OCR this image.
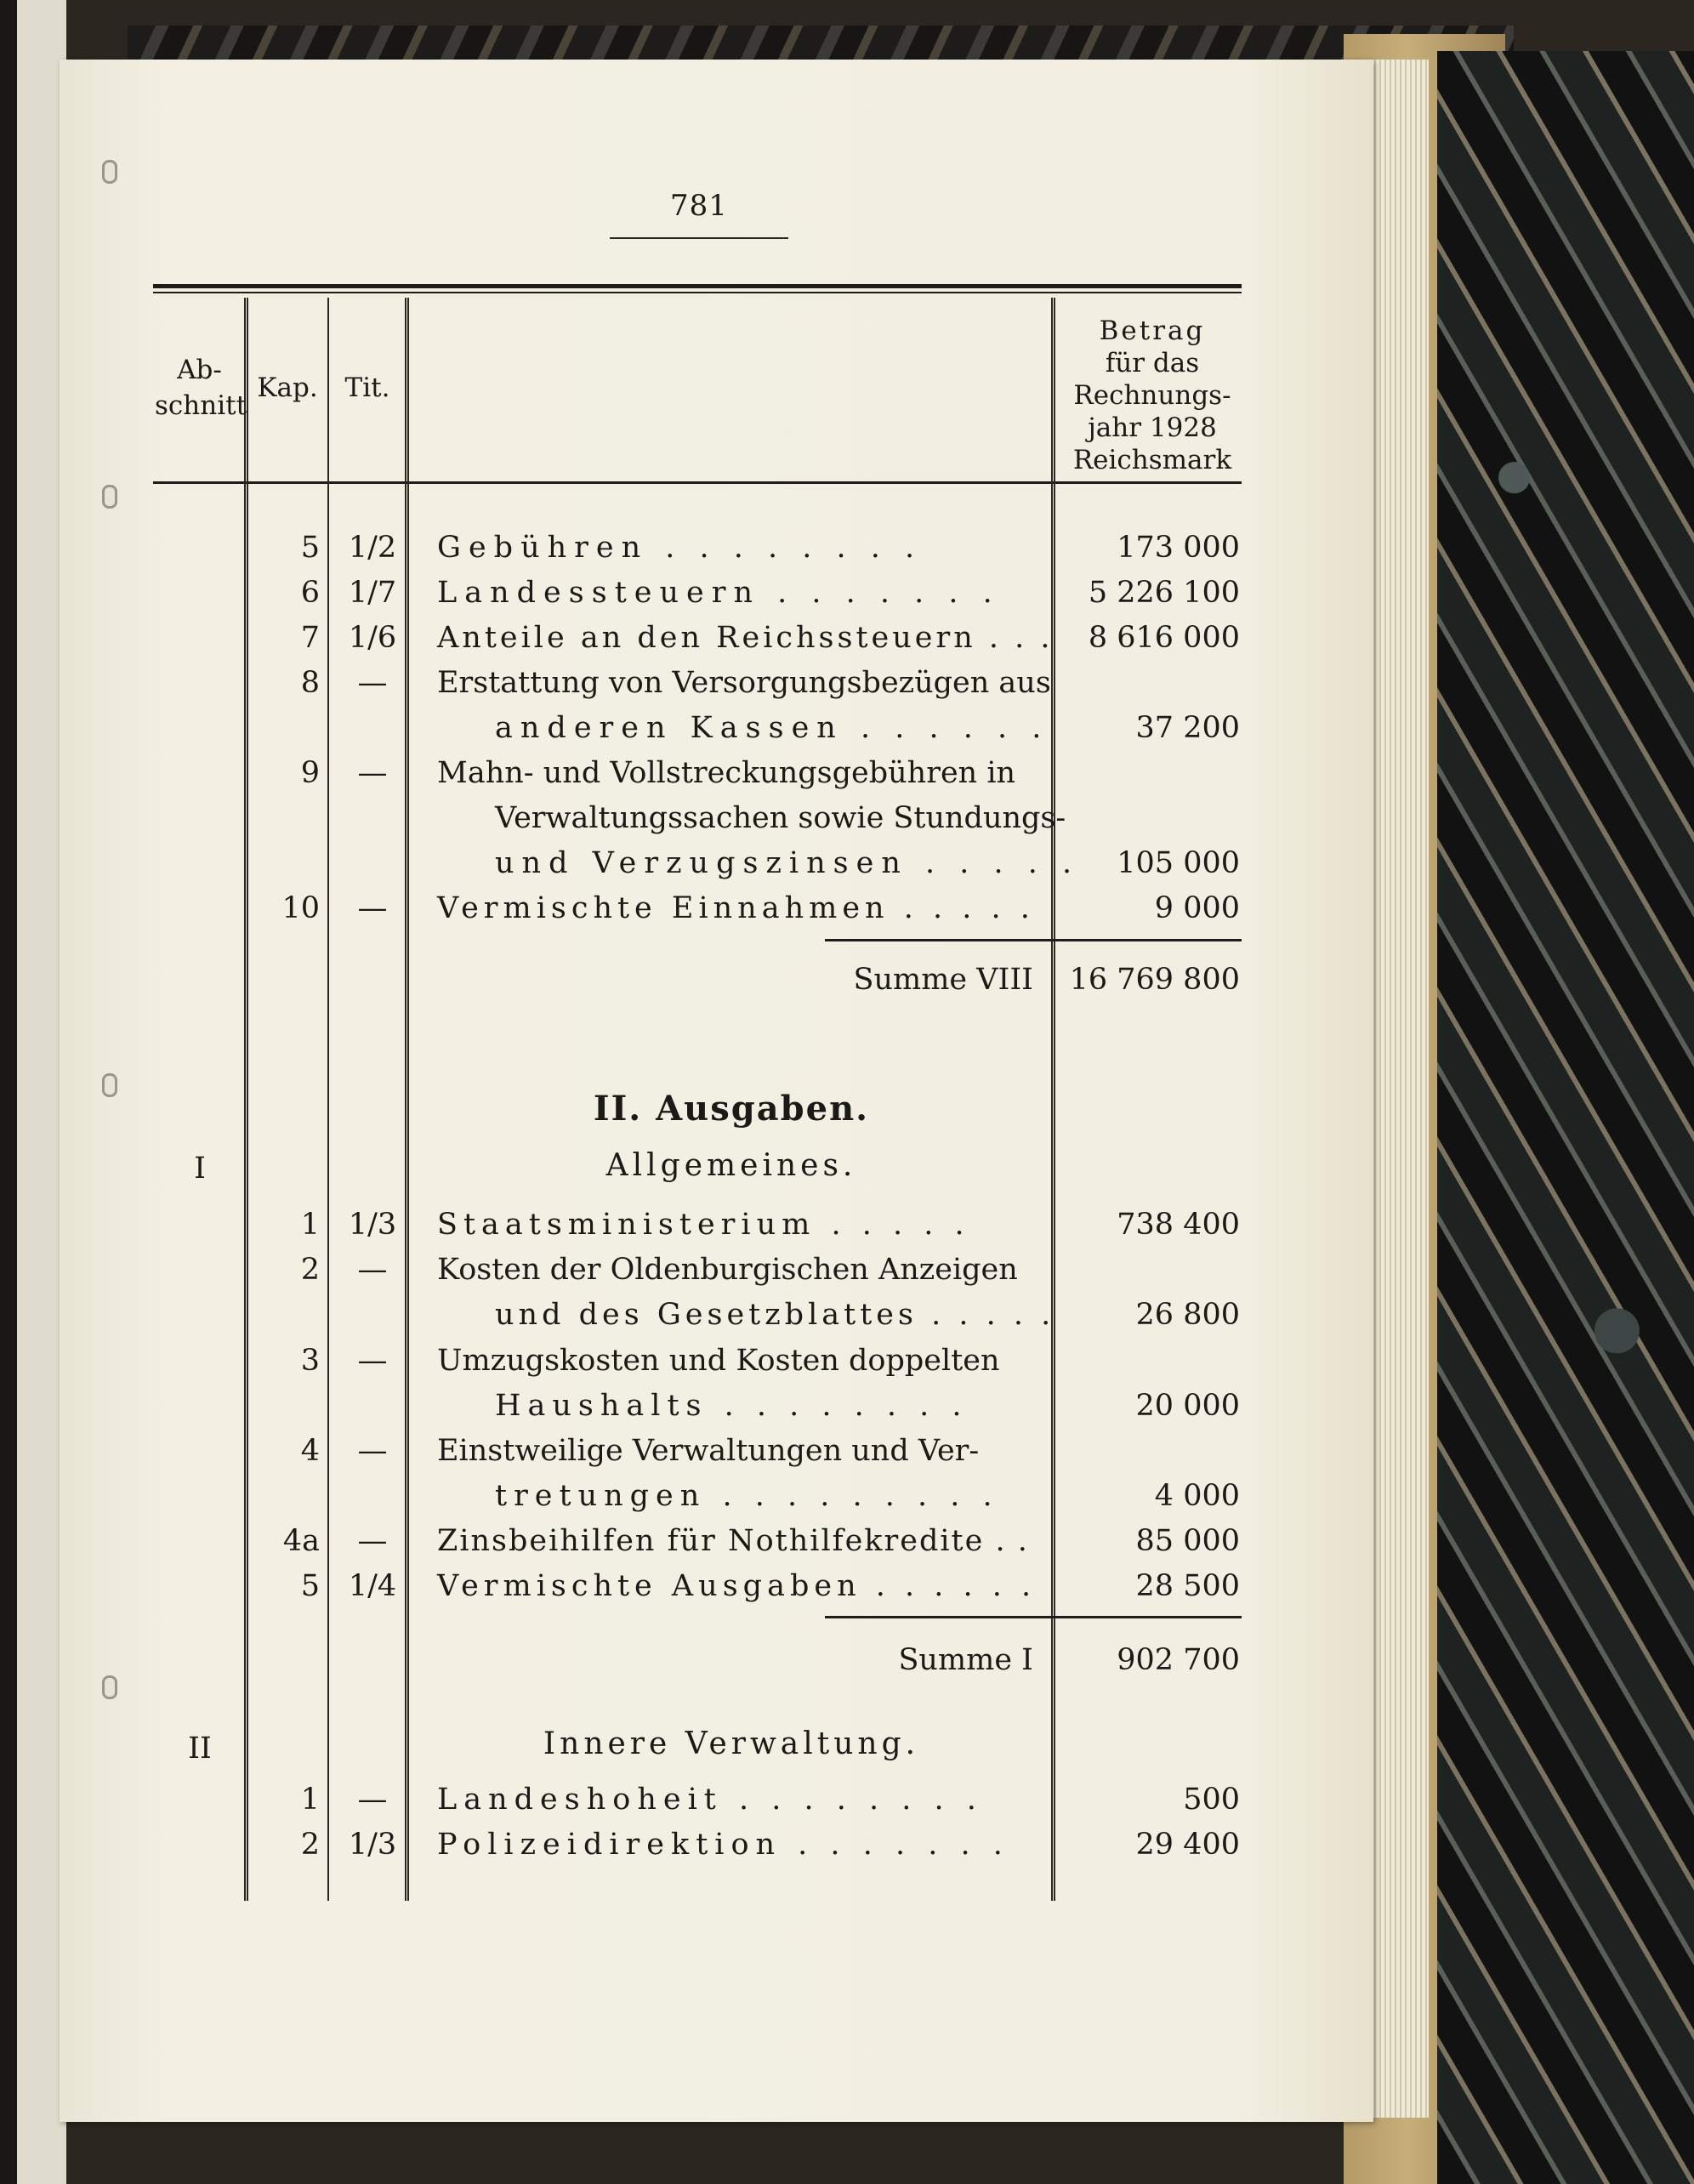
781
Ab-
schnitt
Kap.	Tit.
Betrag
für das
Rechnungs-
jahr 1928
Reichsmark
5 1/2	Gebühren . . . . . . . .	173 000
6 1/7	Landessteuern . . . . . . .	5 226 100
7 1/6	Anteile an den Reichssteuern . . .	8 616 000
8	—	Erstattung von Versorgungsbezügen aus
anderen Kassen . . . . . .	37 200
9	—	Mahn- und Vollstreckungsgebühren in
Verwaltungssachen sowie Stundungs-
und Verzugszinsen . . . . .	105 000
10	—	Vermischte Einnahmen . . . . .	9 000
Summe VIII	16 769 800
II. Ausgaben.
I	Allgemeines.
1 1/3	Staatsministerium . . . . .	738 400
2	—	Kosten der Oldenburgischen Anzeigen
und des Gesetzblattes . . . . .	26 800
3	—	Umzugskosten und Kosten doppelten
Haushalts . . . . . . . .	20 000
4	—	Einstweilige Verwaltungen und Ver-
tretungen . . . . . . . . .	4 000
4a	—	Zinsbeihilfen für Nothilfekredite . .	85 000
5 1/4	Vermischte Ausgaben . . . . . .	28 500
Summe I	902 700
II	Innere Verwaltung.
1	—	Landeshoheit . . . . . . . .	500
2 1/3	Polizeidirektion . . . . . . .	29 400
